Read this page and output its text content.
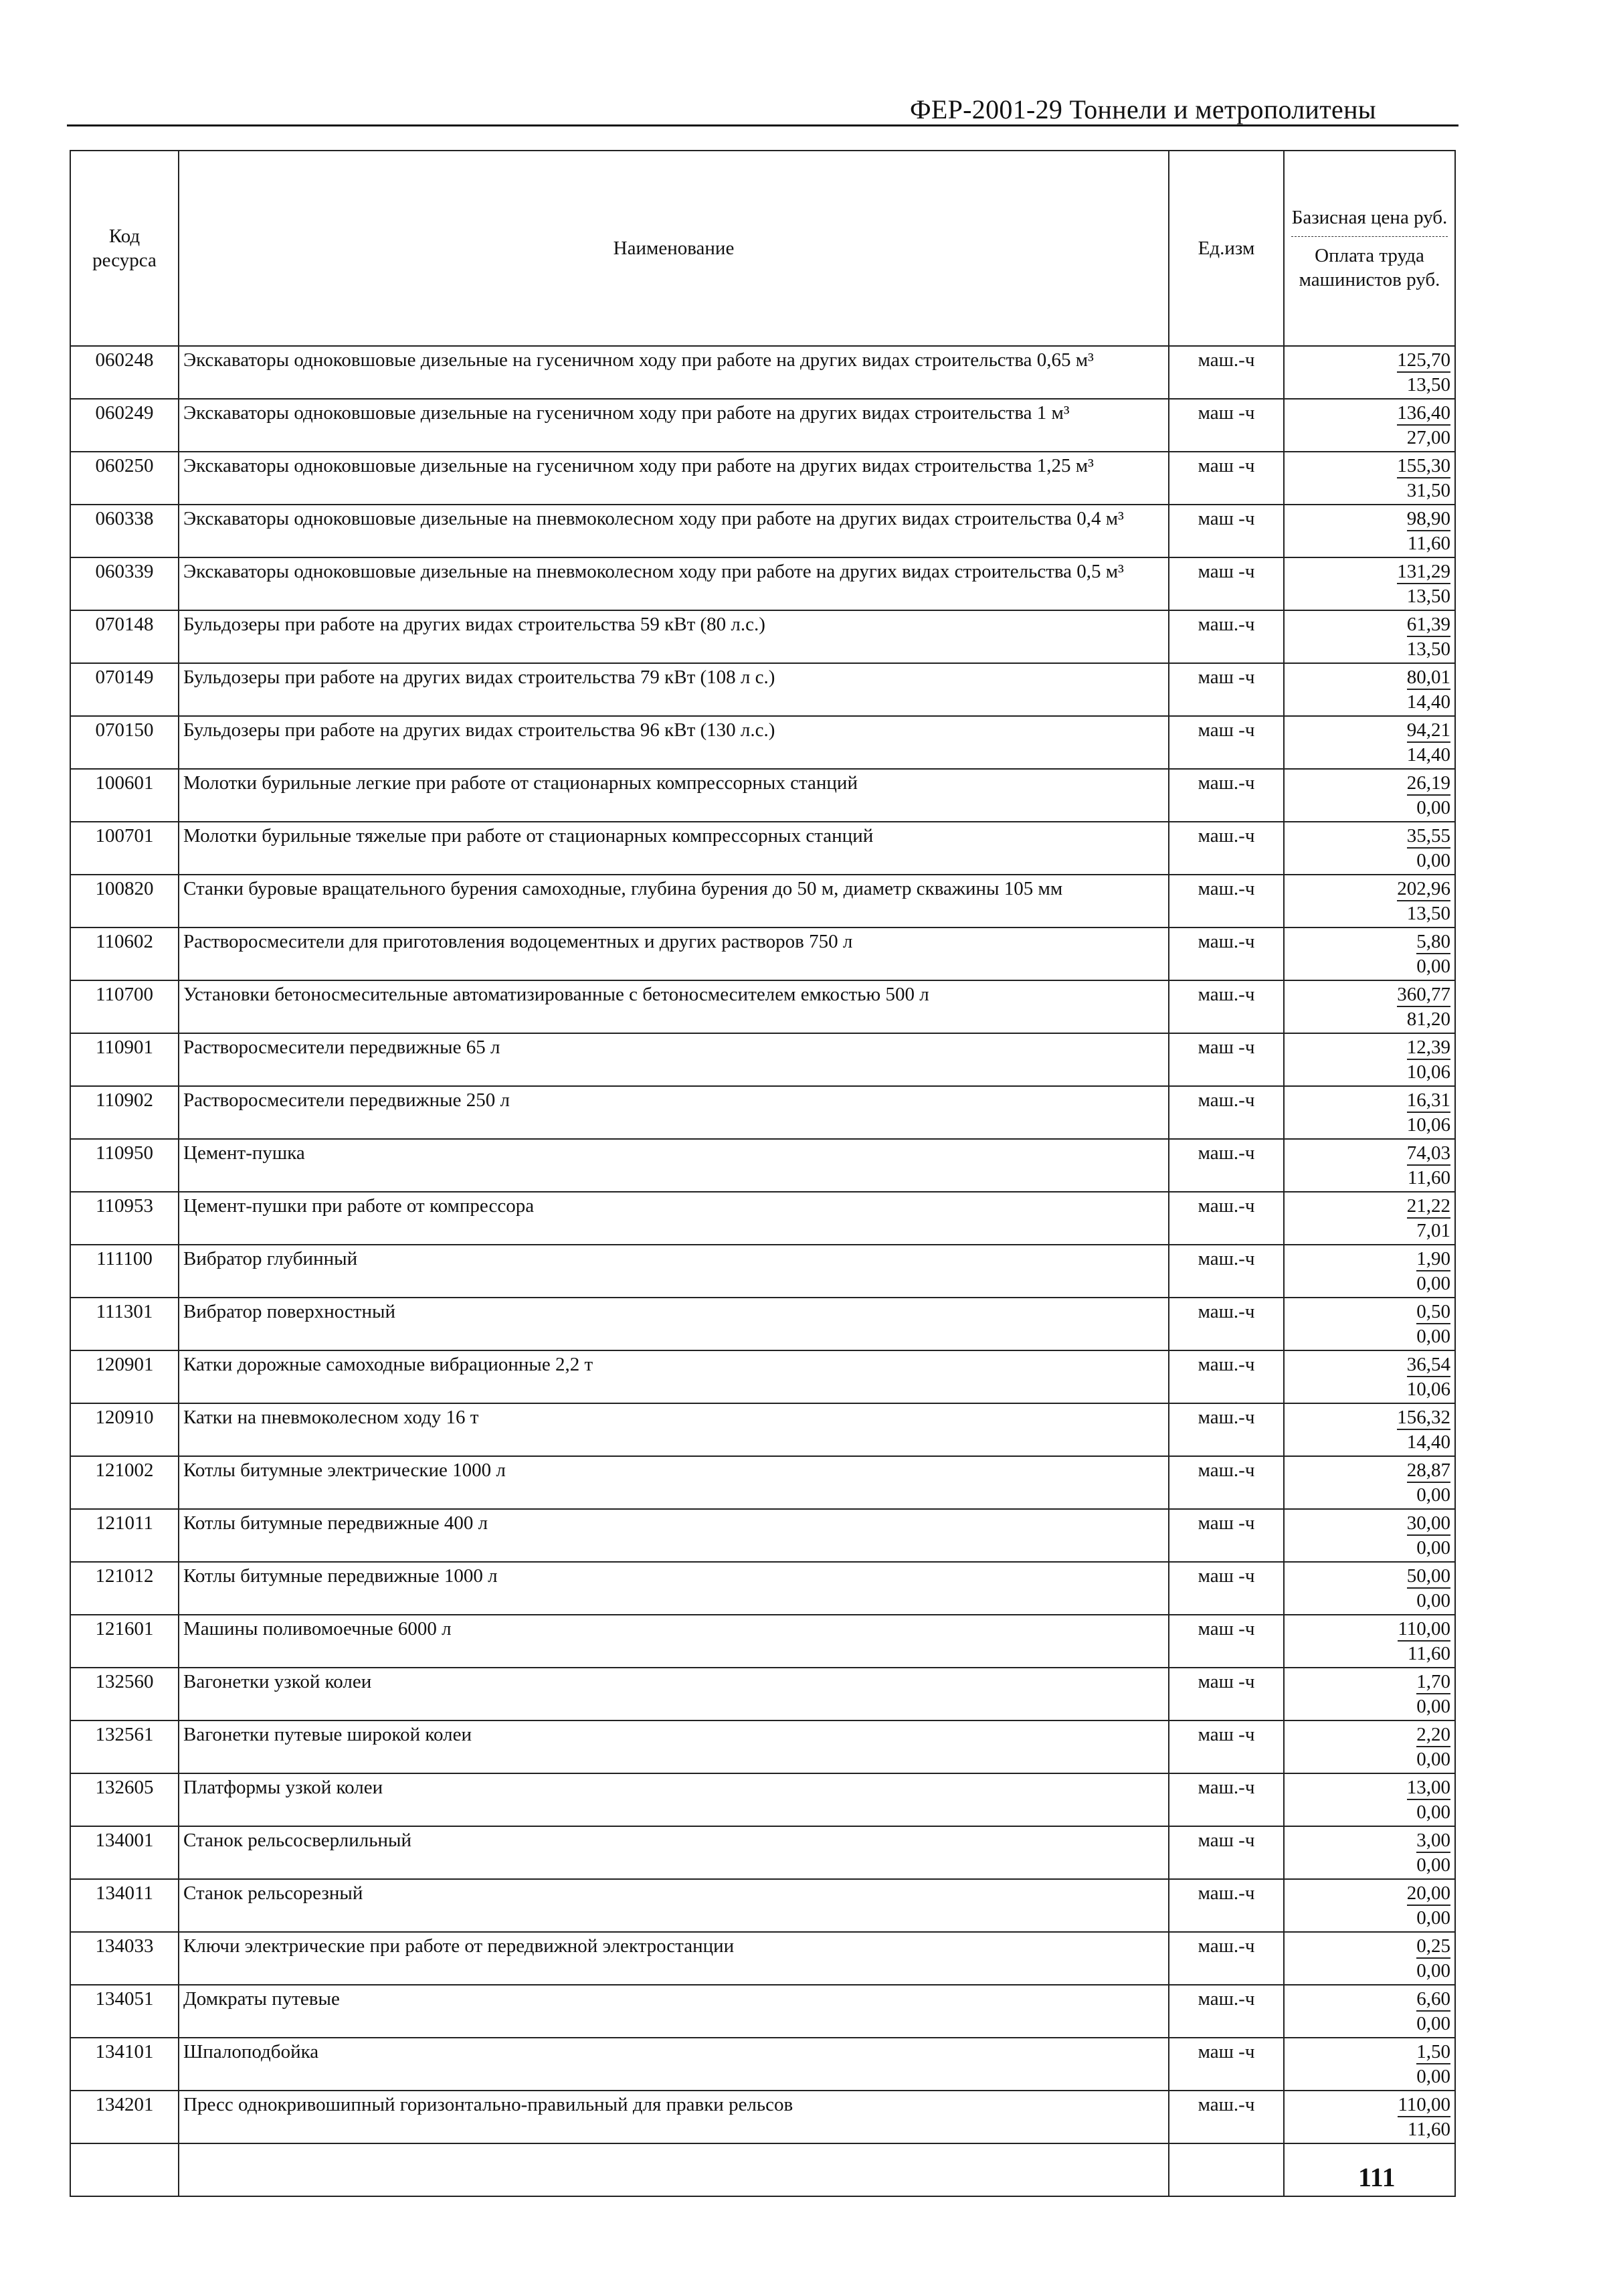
ФЕР-2001-29 Тоннели и метрополитены
Код ресурса	Наименование	Ед.изм	Базисная цена руб.
Оплата труда машинистов руб.

060248	Экскаваторы одноковшовые дизельные на гусеничном ходу при работе на других видах строительства 0,65 м³	маш.-ч	125,70
13,50

060249	Экскаваторы одноковшовые дизельные на гусеничном ходу при работе на других видах строительства 1 м³	маш -ч	136,40
27,00

060250	Экскаваторы одноковшовые дизельные на гусеничном ходу при работе на других видах строительства 1,25 м³	маш -ч	155,30
31,50

060338	Экскаваторы одноковшовые дизельные на пневмоколесном ходу при работе на других видах строительства 0,4 м³	маш -ч	98,90
11,60

060339	Экскаваторы одноковшовые дизельные на пневмоколесном ходу при работе на других видах строительства 0,5 м³	маш -ч	131,29
13,50

070148	Бульдозеры при работе на других видах строительства 59 кВт (80 л.с.)	маш.-ч	61,39
13,50

070149	Бульдозеры при работе на других видах строительства 79 кВт (108 л с.)	маш -ч	80,01
14,40

070150	Бульдозеры при работе на других видах строительства 96 кВт (130 л.с.)	маш -ч	94,21
14,40

100601	Молотки бурильные легкие при работе от стационарных компрессорных станций	маш.-ч	26,19
0,00

100701	Молотки бурильные тяжелые при работе от стационарных компрессорных станций	маш.-ч	35,55
0,00

100820	Станки буровые вращательного бурения самоходные, глубина бурения до 50 м, диаметр скважины 105 мм	маш.-ч	202,96
13,50

110602	Растворосмесители для приготовления водоцементных и других растворов 750 л	маш.-ч	5,80
0,00

110700	Установки бетоносмесительные автоматизированные с бетоносмесителем емкостью 500 л	маш.-ч	360,77
81,20

110901	Растворосмесители передвижные 65 л	маш -ч	12,39
10,06

110902	Растворосмесители передвижные 250 л	маш.-ч	16,31
10,06

110950	Цемент-пушка	маш.-ч	74,03
11,60

110953	Цемент-пушки при работе от компрессора	маш.-ч	21,22
7,01

111100	Вибратор глубинный	маш.-ч	1,90
0,00

111301	Вибратор поверхностный	маш.-ч	0,50
0,00

120901	Катки дорожные самоходные вибрационные 2,2 т	маш.-ч	36,54
10,06

120910	Катки на пневмоколесном ходу 16 т	маш.-ч	156,32
14,40

121002	Котлы битумные электрические 1000 л	маш.-ч	28,87
0,00

121011	Котлы битумные передвижные 400 л	маш -ч	30,00
0,00

121012	Котлы битумные передвижные 1000 л	маш -ч	50,00
0,00

121601	Машины поливомоечные 6000 л	маш -ч	110,00
11,60

132560	Вагонетки узкой колеи	маш -ч	1,70
0,00

132561	Вагонетки путевые широкой колеи	маш -ч	2,20
0,00

132605	Платформы узкой колеи	маш.-ч	13,00
0,00

134001	Станок рельсосверлильный	маш -ч	3,00
0,00

134011	Станок рельсорезный	маш.-ч	20,00
0,00

134033	Ключи электрические при работе от передвижной электростанции	маш.-ч	0,25
0,00

134051	Домкраты путевые	маш.-ч	6,60
0,00

134101	Шпалоподбойка	маш -ч	1,50
0,00

134201	Пресс однокривошипный горизонтально-правильный для правки рельсов	маш.-ч	110,00
11,60

111
